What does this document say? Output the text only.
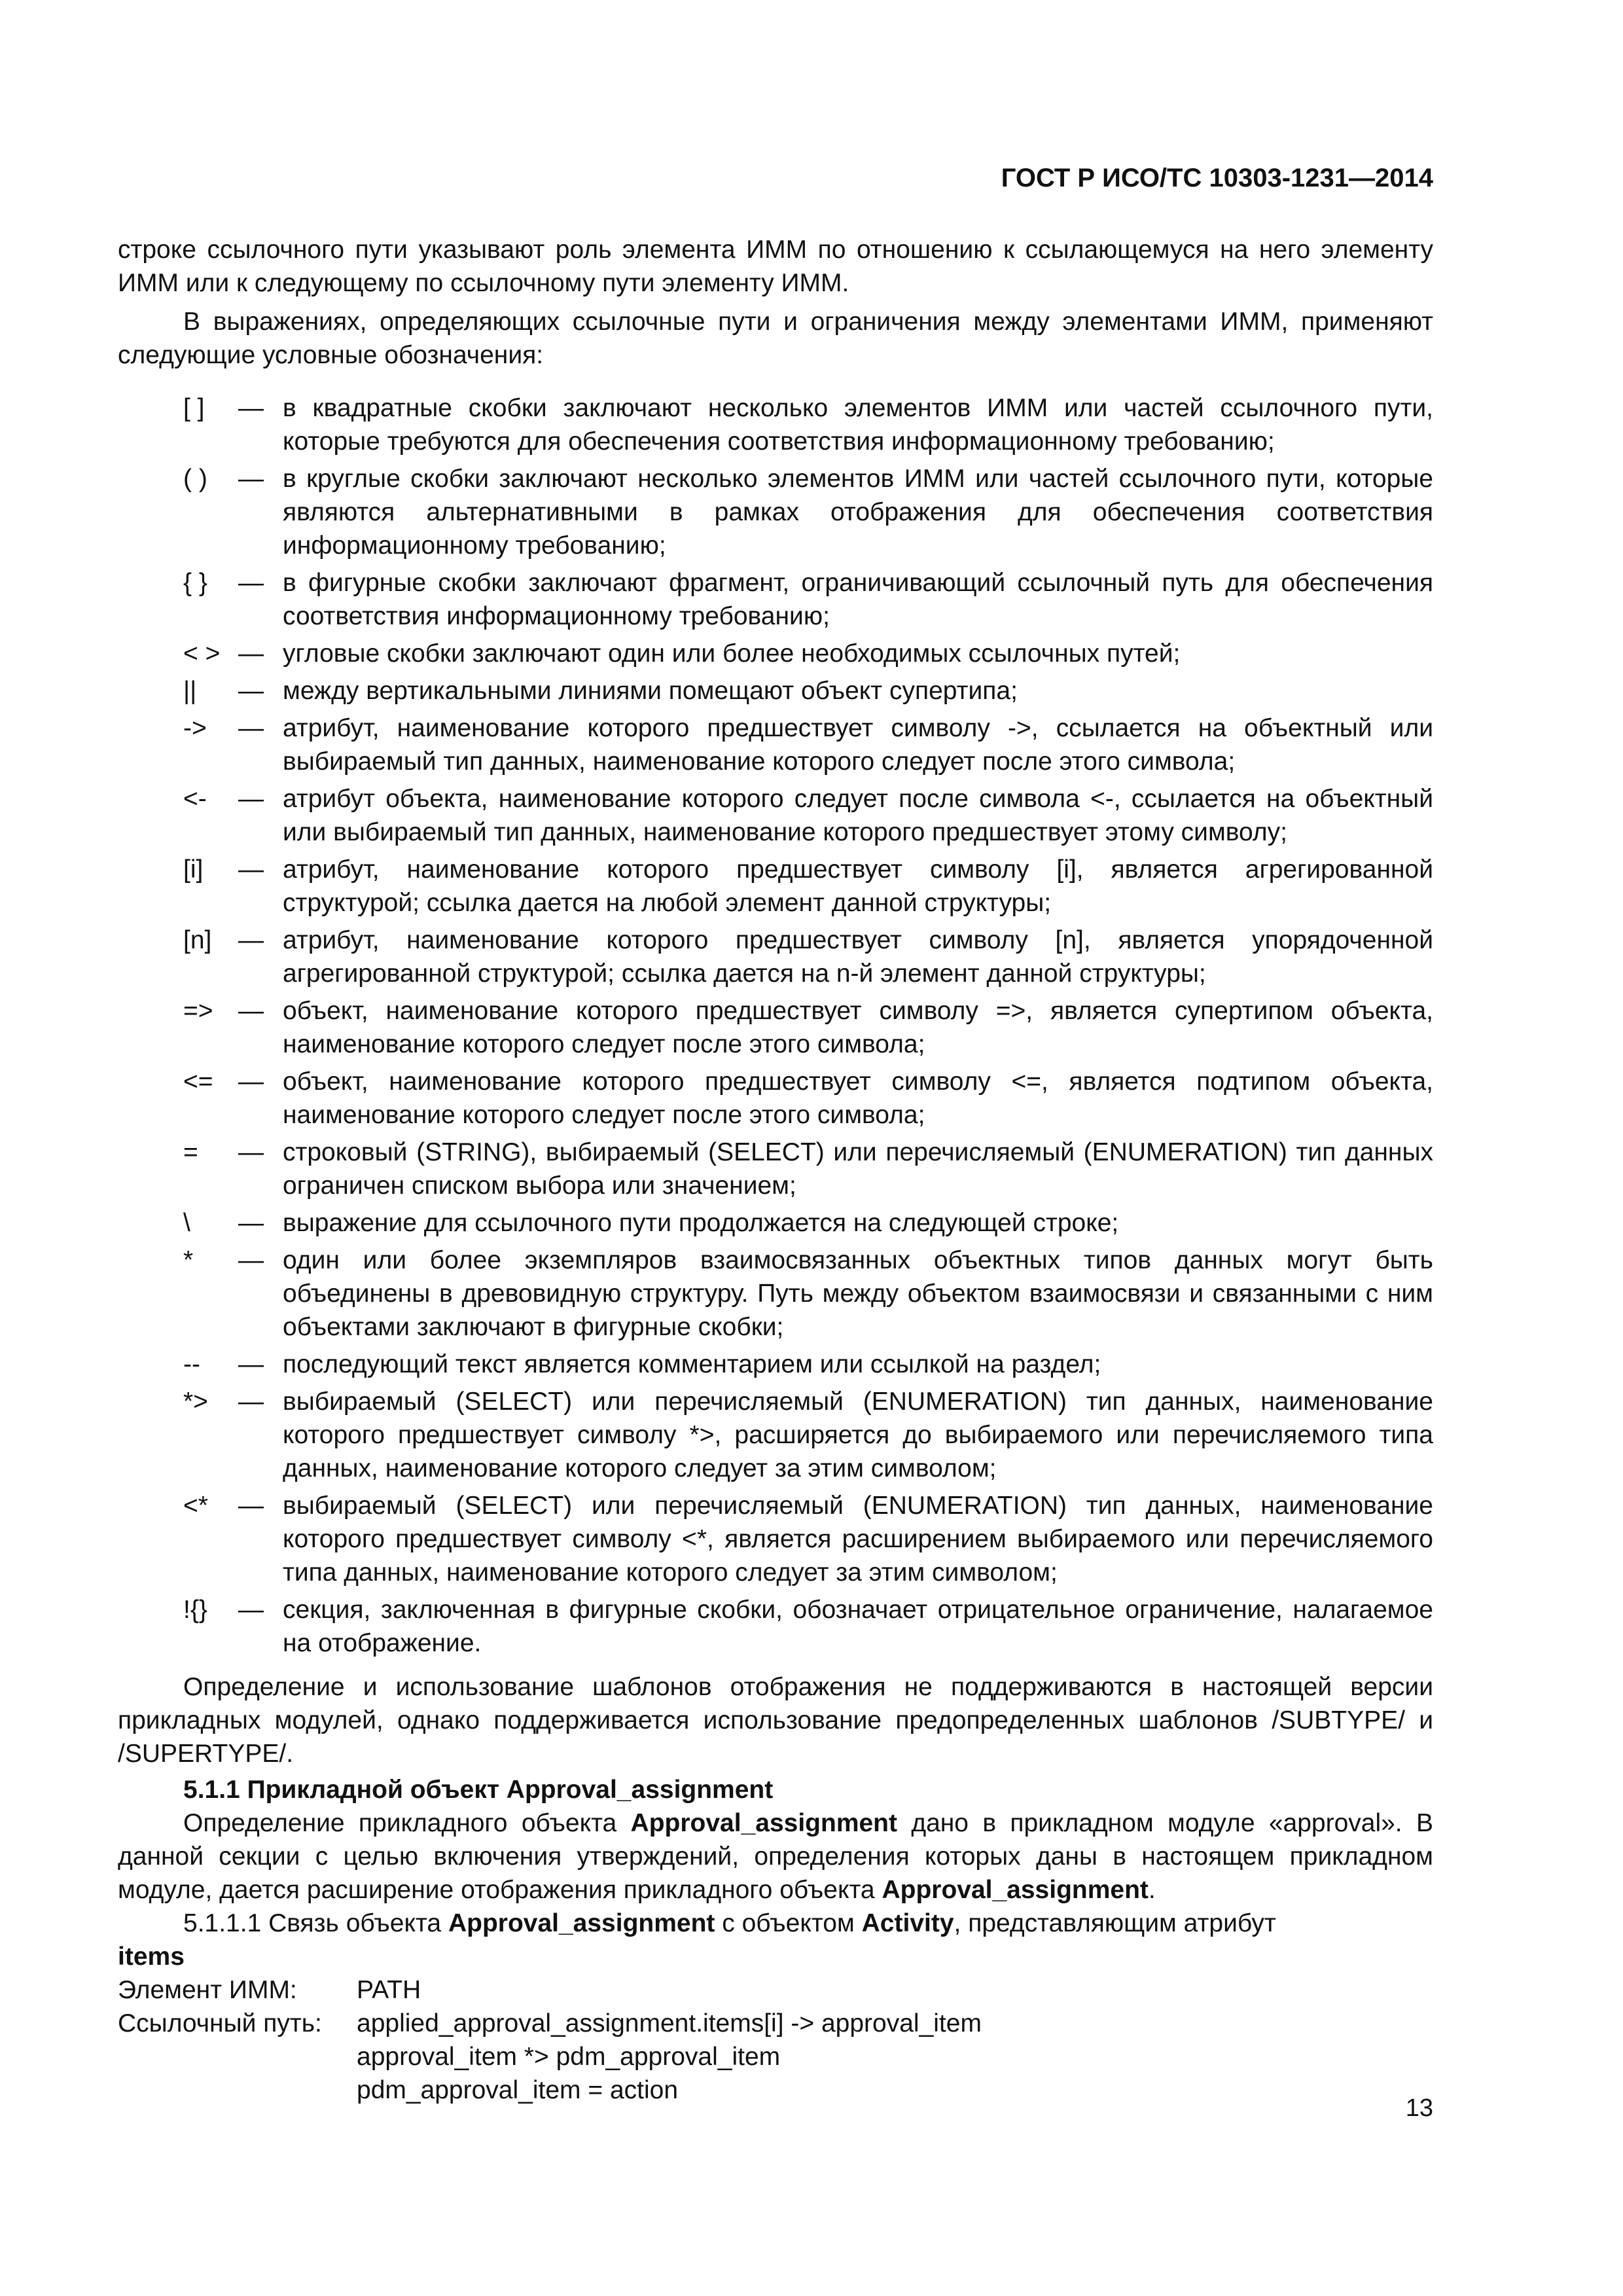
ГОСТ Р ИСО/ТС 10303-1231—2014

строке ссылочного пути указывают роль элемента ИММ по отношению к ссылающемуся на него элементу ИММ или к следующему по ссылочному пути элементу ИММ.

В выражениях, определяющих ссылочные пути и ограничения между элементами ИММ, применяют следующие условные обозначения:

[ ]	— в квадратные скобки заключают несколько элементов ИММ или частей ссылочного пути, которые требуются для обеспечения соответствия информационному требованию;
( )	— в круглые скобки заключают несколько элементов ИММ или частей ссылочного пути, которые являются альтернативными в рамках отображения для обеспечения соответствия информационному требованию;
{ }	— в фигурные скобки заключают фрагмент, ограничивающий ссылочный путь для обеспечения соответствия информационному требованию;
< > — угловые скобки заключают один или более необходимых ссылочных путей;
||	— между вертикальными линиями помещают объект супертипа;
->	— атрибут, наименование которого предшествует символу ->, ссылается на объектный или выбираемый тип данных, наименование которого следует после этого символа;
<-	— атрибут объекта, наименование которого следует после символа <-, ссылается на объектный или выбираемый тип данных, наименование которого предшествует этому символу;
[i]	— атрибут, наименование которого предшествует символу [i], является агрегированной структурой; ссылка дается на любой элемент данной структуры;
[n]	— атрибут, наименование которого предшествует символу [n], является упорядоченной агрегированной структурой; ссылка дается на n-й элемент данной структуры;
=> — объект, наименование которого предшествует символу =>, является супертипом объекта, наименование которого следует после этого символа;
<= — объект, наименование которого предшествует символу <=, является подтипом объекта, наименование которого следует после этого символа;
=	— строковый (STRING), выбираемый (SELECT) или перечисляемый (ENUMERATION) тип данных ограничен списком выбора или значением;
\	— выражение для ссылочного пути продолжается на следующей строке;
*	— один или более экземпляров взаимосвязанных объектных типов данных могут быть объединены в древовидную структуру. Путь между объектом взаимосвязи и связанными с ним объектами заключают в фигурные скобки;
--	— последующий текст является комментарием или ссылкой на раздел;
*>	— выбираемый (SELECT) или перечисляемый (ENUMERATION) тип данных, наименование которого предшествует символу *>, расширяется до выбираемого или перечисляемого типа данных, наименование которого следует за этим символом;
<*	— выбираемый (SELECT) или перечисляемый (ENUMERATION) тип данных, наименование которого предшествует символу <*, является расширением выбираемого или перечисляемого типа данных, наименование которого следует за этим символом;
!{}	— секция, заключенная в фигурные скобки, обозначает отрицательное ограничение, налагаемое на отображение.

Определение и использование шаблонов отображения не поддерживаются в настоящей версии прикладных модулей, однако поддерживается использование предопределенных шаблонов /SUBTYPE/ и /SUPERTYPE/.

5.1.1 Прикладной объект Approval_assignment

Определение прикладного объекта Approval_assignment дано в прикладном модуле «approval». В данной секции с целью включения утверждений, определения которых даны в настоящем прикладном модуле, дается расширение отображения прикладного объекта Approval_assignment.

5.1.1.1 Связь объекта Approval_assignment с объектом Activity, представляющим атрибут
items

Элемент ИММ:	PATH
Ссылочный путь:	applied_approval_assignment.items[i] -> approval_item
approval_item *> pdm_approval_item
pdm_approval_item = action
13
